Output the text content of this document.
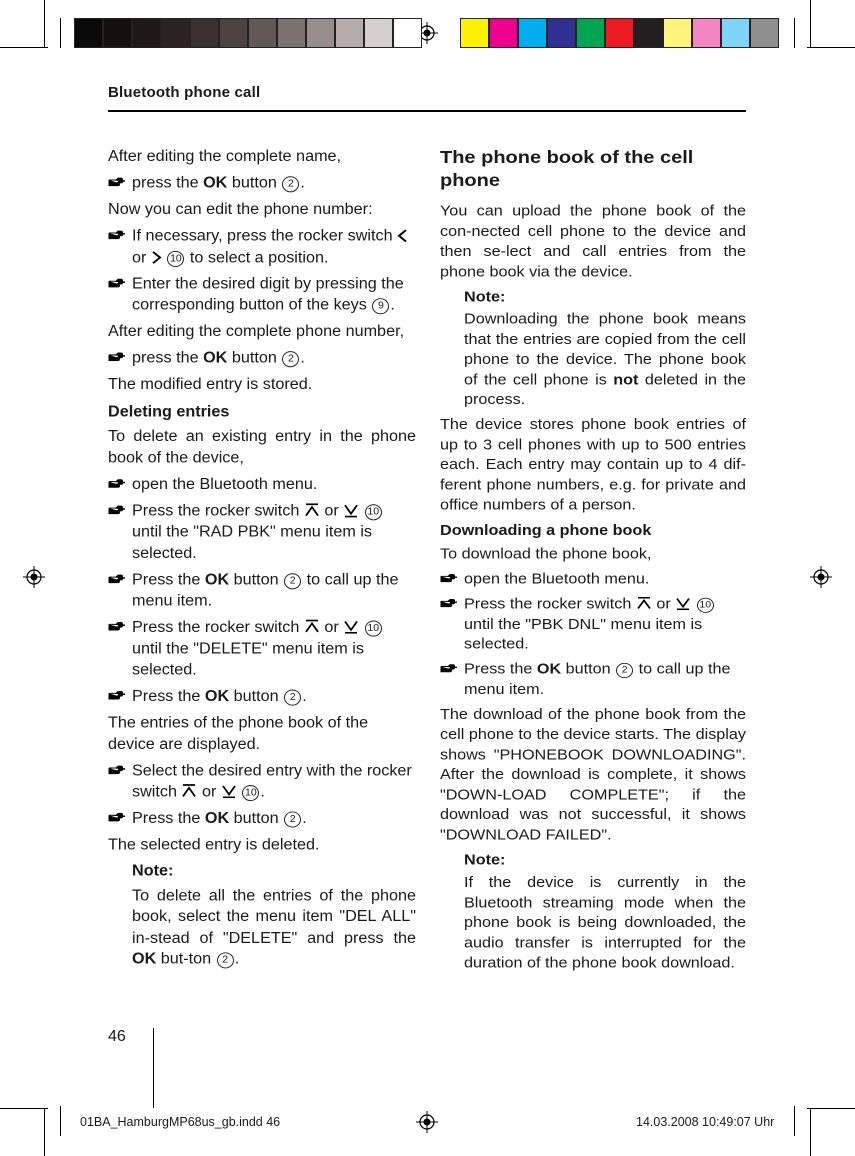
Bluetooth phone call

After editing the complete name,

press the OK button 2 .

Now you can edit the phone number:

If necessary, press the rocker switch
or  10 to select a position.
Enter the desired digit by pressing the corresponding button of the keys 9 .

After editing the complete phone number,

press the OK button 2 .

The modified entry is stored.

Deleting entries

To delete an existing entry in the phone book of the device,

open the Bluetooth menu.
Press the rocker switch  or  10 until the "RAD PBK" menu item is selected.
Press the OK button 2 to call up the menu item.
Press the rocker switch  or  10 until the "DELETE" menu item is selected.
Press the OK button 2 .

The entries of the phone book of the device are displayed.

Select the desired entry with the rocker switch  or  10 .
Press the OK button 2 .

The selected entry is deleted.

Note:
To delete all the entries of the phone book, select the menu item "DEL ALL" in-stead of "DELETE" and press the OK but-ton 2 .
The phone book of the cell phone

You can upload the phone book of the con-nected cell phone to the device and then se-lect and call entries from the phone book via the device.

Note:
Downloading the phone book means that the entries are copied from the cell phone to the device. The phone book of the cell phone is not deleted in the process.

The device stores phone book entries of up to 3 cell phones with up to 500 entries each. Each entry may contain up to 4 dif-ferent phone numbers, e.g. for private and office numbers of a person.

Downloading a phone book

To download the phone book,

open the Bluetooth menu.
Press the rocker switch  or  10 until the "PBK DNL" menu item is selected.
Press the OK button 2 to call up the menu item.

The download of the phone book from the cell phone to the device starts. The display shows "PHONEBOOK DOWNLOADING". After the download is complete, it shows "DOWN-LOAD COMPLETE"; if the download was not successful, it shows "DOWNLOAD FAILED".

Note:
If the device is currently in the Bluetooth streaming mode when the phone book is being downloaded, the audio transfer is interrupted for the duration of the phone book download.
46
01BA_HamburgMP68us_gb.indd 46	14.03.2008 10:49:07 Uhr
